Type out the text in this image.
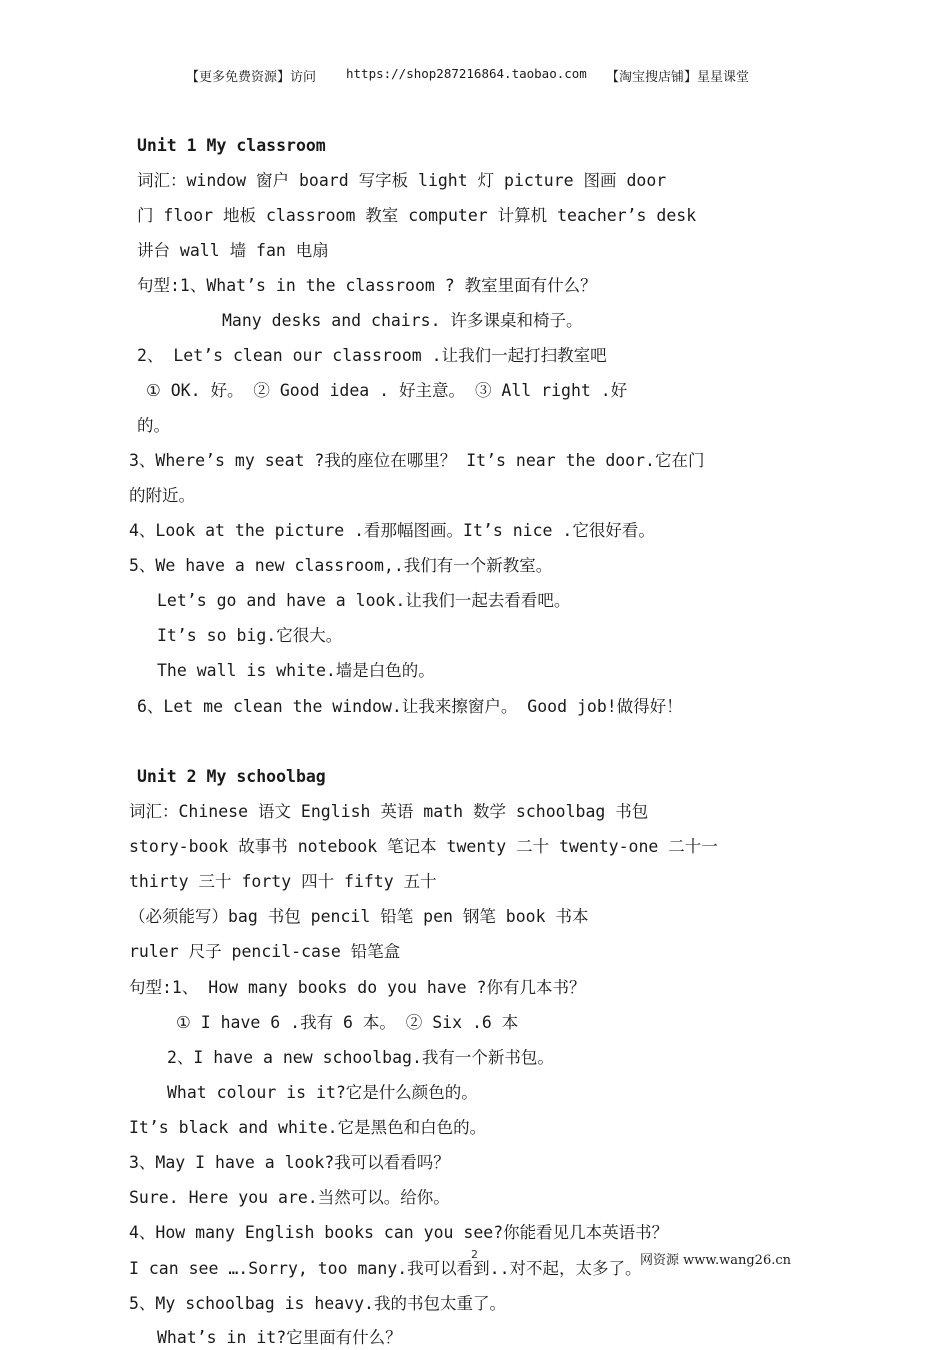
【更多免费资源】访问 https://shop287216864.taobao.com 【淘宝搜店铺】星星课堂
Unit 1 My classroom
词汇：window 窗户 board 写字板 light 灯 picture 图画 door
门 floor 地板 classroom 教室 computer 计算机 teacher’s desk
讲台 wall 墙 fan 电扇
句型:1、What’s in the classroom ? 教室里面有什么？
Many desks and chairs. 许多课桌和椅子。
2、 Let’s clean our classroom .让我们一起打扫教室吧
① OK. 好。 ② Good idea . 好主意。 ③ All right .好
的。
3、Where’s my seat ?我的座位在哪里？ It’s near the door.它在门
的附近。
4、Look at the picture .看那幅图画。It’s nice .它很好看。
5、We have a new classroom,.我们有一个新教室。
Let’s go and have a look.让我们一起去看看吧。
It’s so big.它很大。
The wall is white.墙是白色的。
6、Let me clean the window.让我来擦窗户。 Good job!做得好！
Unit 2 My schoolbag
词汇：Chinese 语文 English 英语 math 数学 schoolbag 书包
story-book 故事书 notebook 笔记本 twenty 二十 twenty-one 二十一
thirty 三十 forty 四十 fifty 五十
（必须能写）bag 书包 pencil 铅笔 pen 钢笔 book 书本
ruler 尺子 pencil-case 铅笔盒
句型:1、 How many books do you have ?你有几本书？
① I have 6 .我有 6 本。 ② Six .6 本
2、I have a new schoolbag.我有一个新书包。
What colour is it?它是什么颜色的。
It’s black and white.它是黑色和白色的。
3、May I have a look?我可以看看吗？
Sure. Here you are.当然可以。给你。
4、How many English books can you see?你能看见几本英语书？
I can see ….Sorry, too many.我可以看到..对不起，太多了。
5、My schoolbag is heavy.我的书包太重了。
What’s in it?它里面有什么？
2	网资源 www.wang26.cn
